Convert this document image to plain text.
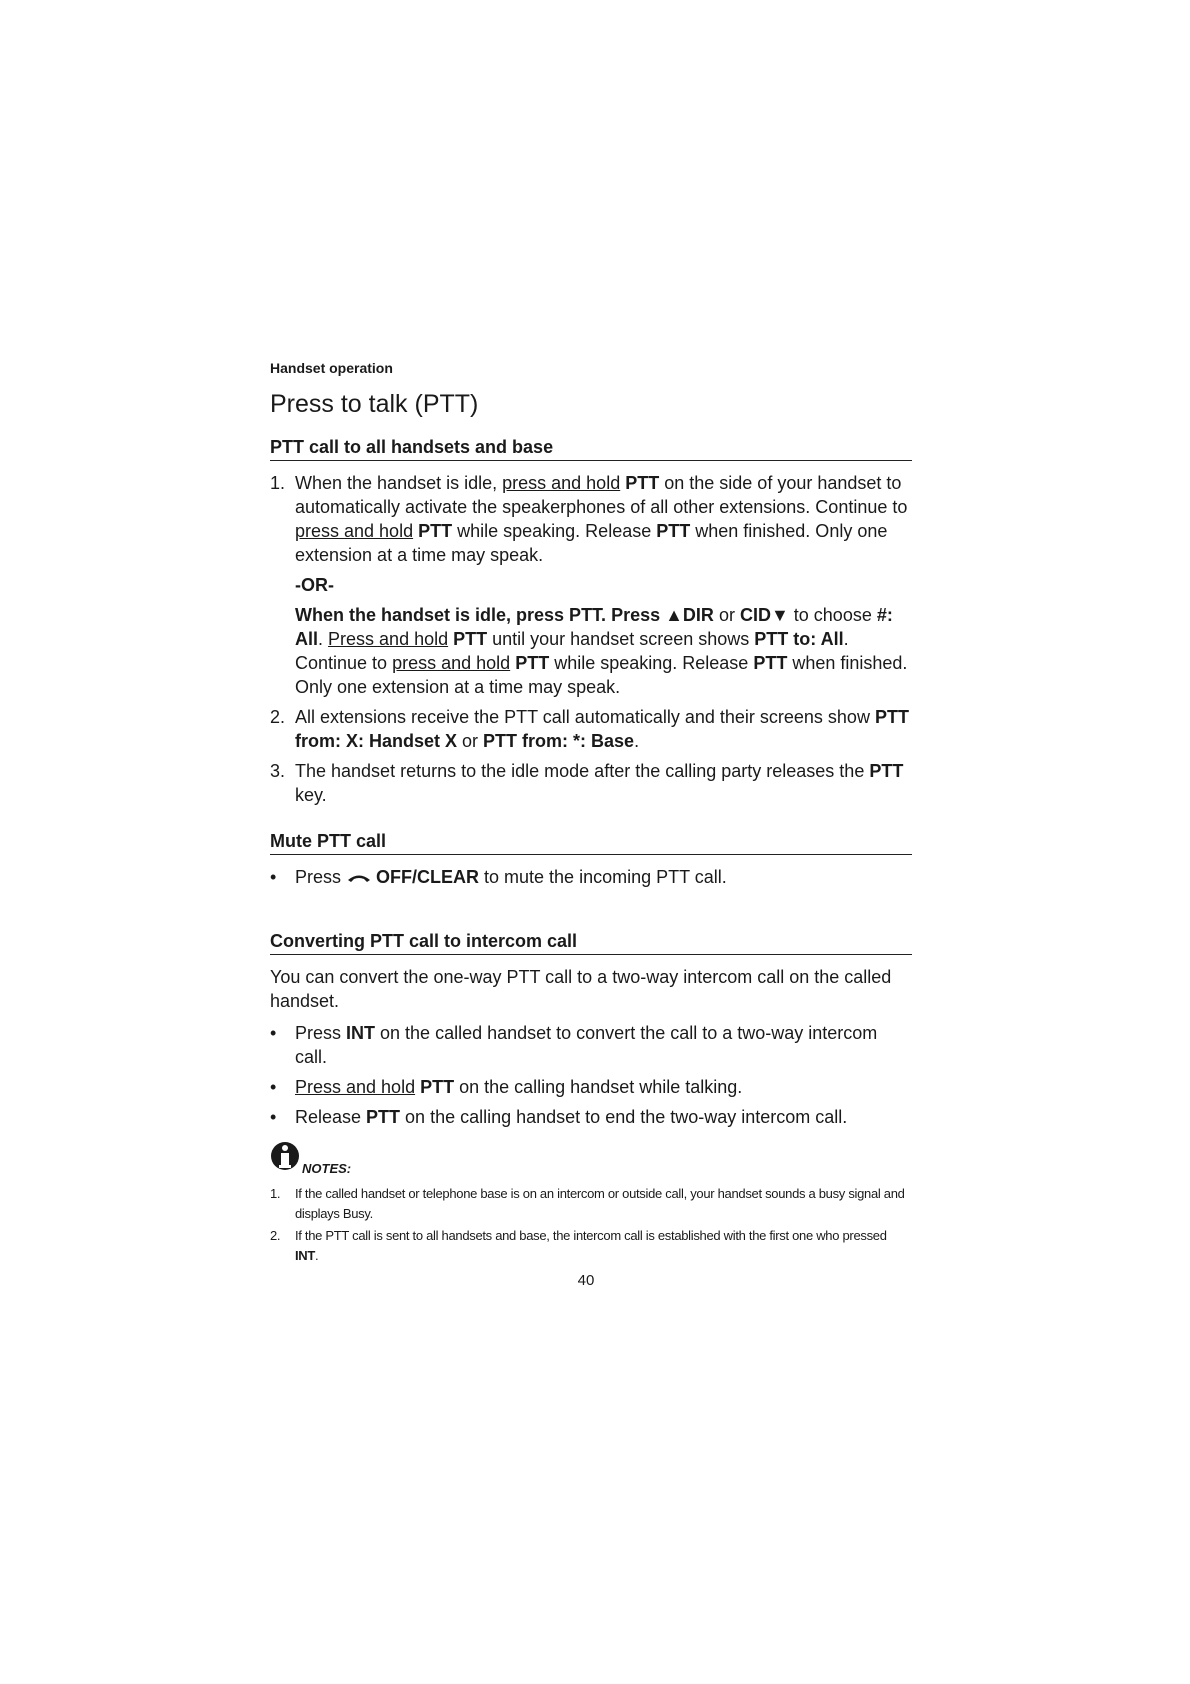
Handset operation
Press to talk (PTT)
PTT call to all handsets and base
1. When the handset is idle, press and hold PTT on the side of your handset to automatically activate the speakerphones of all other extensions. Continue to press and hold PTT while speaking. Release PTT when finished. Only one extension at a time may speak.

-OR-

When the handset is idle, press PTT. Press ▲DIR or CID▼ to choose #: All. Press and hold PTT until your handset screen shows PTT to: All. Continue to press and hold PTT while speaking. Release PTT when finished. Only one extension at a time may speak.

2. All extensions receive the PTT call automatically and their screens show PTT from: X: Handset X or PTT from: *: Base.
3. The handset returns to the idle mode after the calling party releases the PTT key.
Mute PTT call
•	Press OFF/CLEAR to mute the incoming PTT call.
Converting PTT call to intercom call

You can convert the one-way PTT call to a two-way intercom call on the called handset.

•	Press INT on the called handset to convert the call to a two-way intercom call.
•	Press and hold PTT on the calling handset while talking.
•	Release PTT on the calling handset to end the two-way intercom call.
NOTES:
1.	If the called handset or telephone base is on an intercom or outside call, your handset sounds a busy signal and displays Busy.
2.	If the PTT call is sent to all handsets and base, the intercom call is established with the first one who pressed INT.
40
